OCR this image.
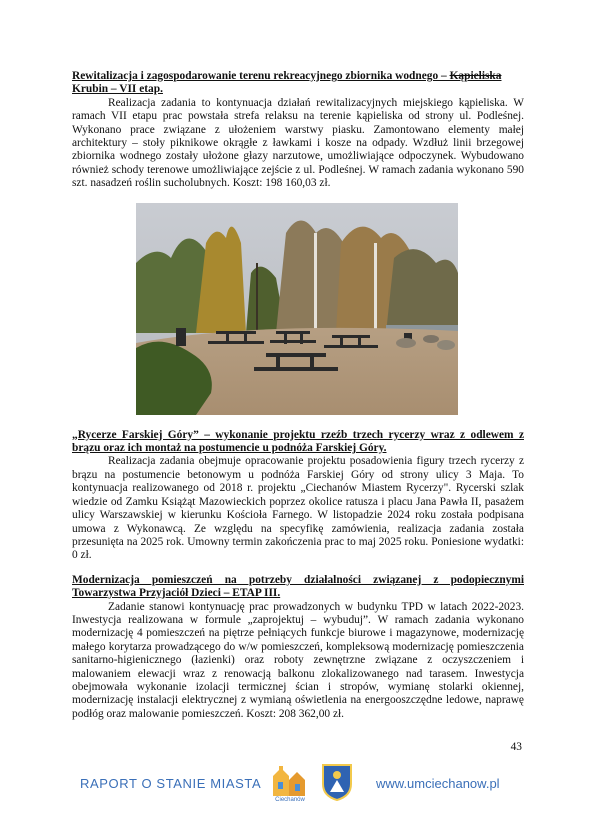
Rewitalizacja i zagospodarowanie terenu rekreacyjnego zbiornika wodnego – Kąpieliska
Krubin – VII etap.

Realizacja zadania to kontynuacja działań rewitalizacyjnych miejskiego kąpieliska. W ramach VII etapu prac powstała strefa relaksu na terenie kąpieliska od strony ul. Podleśnej. Wykonano prace związane z ułożeniem warstwy piasku. Zamontowano elementy małej architektury – stoły piknikowe okrągłe z ławkami i kosze na odpady. Wzdłuż linii brzegowej zbiornika wodnego zostały ułożone głazy narzutowe, umożliwiające odpoczynek. Wybudowano również schody terenowe umożliwiające zejście z ul. Podleśnej. W ramach zadania wykonano 590 szt. nasadzeń roślin sucholubnych. Koszt: 198 160,03 zł.

„Rycerze Farskiej Góry” – wykonanie projektu rzeźb trzech rycerzy wraz z odlewem z brązu oraz ich montaż na postumencie u podnóża Farskiej Góry.

Realizacja zadania obejmuje opracowanie projektu posadowienia figury trzech rycerzy z brązu na postumencie betonowym u podnóża Farskiej Góry od strony ulicy 3 Maja. To kontynuacja realizowanego od 2018 r. projektu „Ciechanów Miastem Rycerzy". Rycerski szlak wiedzie od Zamku Książąt Mazowieckich poprzez okolice ratusza i placu Jana Pawła II, pasażem ulicy Warszawskiej w kierunku Kościoła Farnego. W listopadzie 2024 roku została podpisana umowa z Wykonawcą. Ze względu na specyfikę zamówienia, realizacja zadania została przesunięta na 2025 rok. Umowny termin zakończenia prac to maj 2025 roku. Poniesione wydatki: 0 zł.

Modernizacja pomieszczeń na potrzeby działalności związanej z podopiecznymi Towarzystwa Przyjaciół Dzieci – ETAP III.

Zadanie stanowi kontynuację prac prowadzonych w budynku TPD w latach 2022-2023. Inwestycja realizowana w formule „zaprojektuj – wybuduj”. W ramach zadania wykonano modernizację 4 pomieszczeń na piętrze pełniących funkcje biurowe i magazynowe, modernizację małego korytarza prowadzącego do w/w pomieszczeń, kompleksową modernizację pomieszczenia sanitarno-higienicznego (łazienki) oraz roboty zewnętrzne związane z oczyszczeniem i malowaniem elewacji wraz z renowacją balkonu zlokalizowanego nad tarasem. Inwestycja obejmowała wykonanie izolacji termicznej ścian i stropów, wymianę stolarki okiennej, modernizację instalacji elektrycznej z wymianą oświetlenia na energooszczędne ledowe, naprawę podłóg oraz malowanie pomieszczeń. Koszt: 208 362,00 zł.

43
RAPORT O STANIE MIASTA
Ciechanów
www.umciechanow.pl
